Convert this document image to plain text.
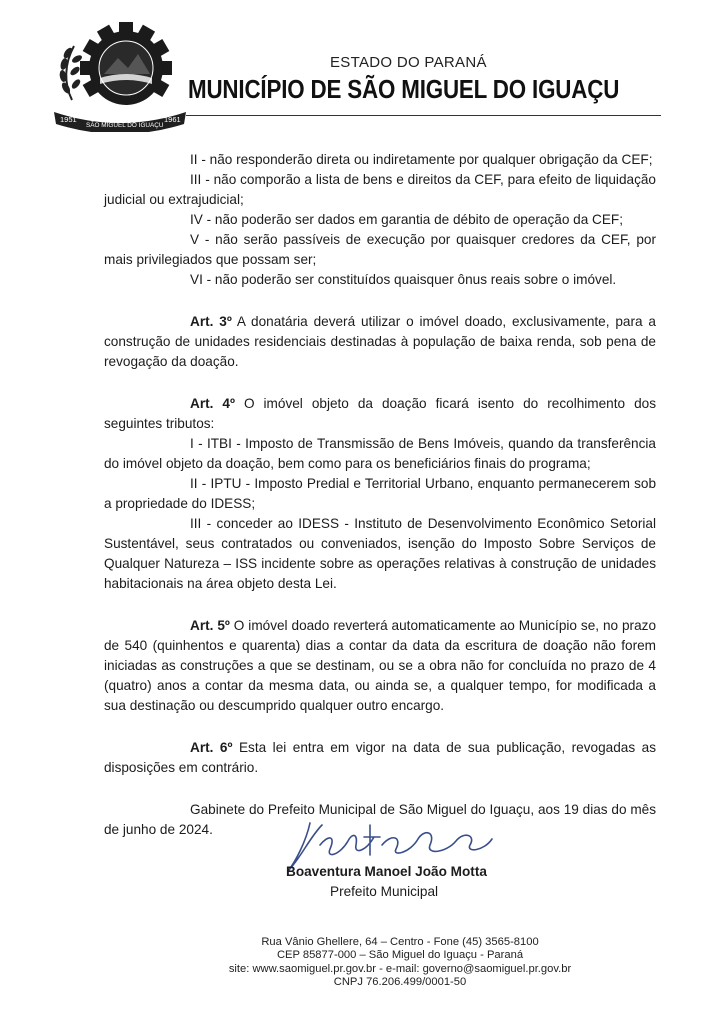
1951	1961
SÃO MIGUEL DO IGUAÇU
ESTADO DO PARANÁ
MUNICÍPIO DE SÃO MIGUEL DO IGUAÇU

II - não responderão direta ou indiretamente por qualquer obrigação da CEF;

III - não comporão a lista de bens e direitos da CEF, para efeito de liquidação judicial ou extrajudicial;

IV - não poderão ser dados em garantia de débito de operação da CEF;

V - não serão passíveis de execução por quaisquer credores da CEF, por mais privilegiados que possam ser;

VI - não poderão ser constituídos quaisquer ônus reais sobre o imóvel.

Art. 3º A donatária deverá utilizar o imóvel doado, exclusivamente, para a construção de unidades residenciais destinadas à população de baixa renda, sob pena de revogação da doação.

Art. 4º O imóvel objeto da doação ficará isento do recolhimento dos seguintes tributos:

I - ITBI - Imposto de Transmissão de Bens Imóveis, quando da transferência do imóvel objeto da doação, bem como para os beneficiários finais do programa;

II - IPTU - Imposto Predial e Territorial Urbano, enquanto permanecerem sob a propriedade do IDESS;

III - conceder ao IDESS - Instituto de Desenvolvimento Econômico Setorial Sustentável, seus contratados ou conveniados, isenção do Imposto Sobre Serviços de Qualquer Natureza – ISS incidente sobre as operações relativas à construção de unidades habitacionais na área objeto desta Lei.

Art. 5º O imóvel doado reverterá automaticamente ao Município se, no prazo de 540 (quinhentos e quarenta) dias a contar da data da escritura de doação não forem iniciadas as construções a que se destinam, ou se a obra não for concluída no prazo de 4 (quatro) anos a contar da mesma data, ou ainda se, a qualquer tempo, for modificada a sua destinação ou descumprido qualquer outro encargo.

Art. 6º Esta lei entra em vigor na data de sua publicação, revogadas as disposições em contrário.

Gabinete do Prefeito Municipal de São Miguel do Iguaçu, aos 19 dias do mês de junho de 2024.

Boaventura Manoel João Motta
Prefeito Municipal
Rua Vânio Ghellere, 64 – Centro - Fone (45) 3565-8100
CEP 85877-000 – São Miguel do Iguaçu - Paraná
site: www.saomiguel.pr.gov.br - e-mail: governo@saomiguel.pr.gov.br
CNPJ 76.206.499/0001-50
